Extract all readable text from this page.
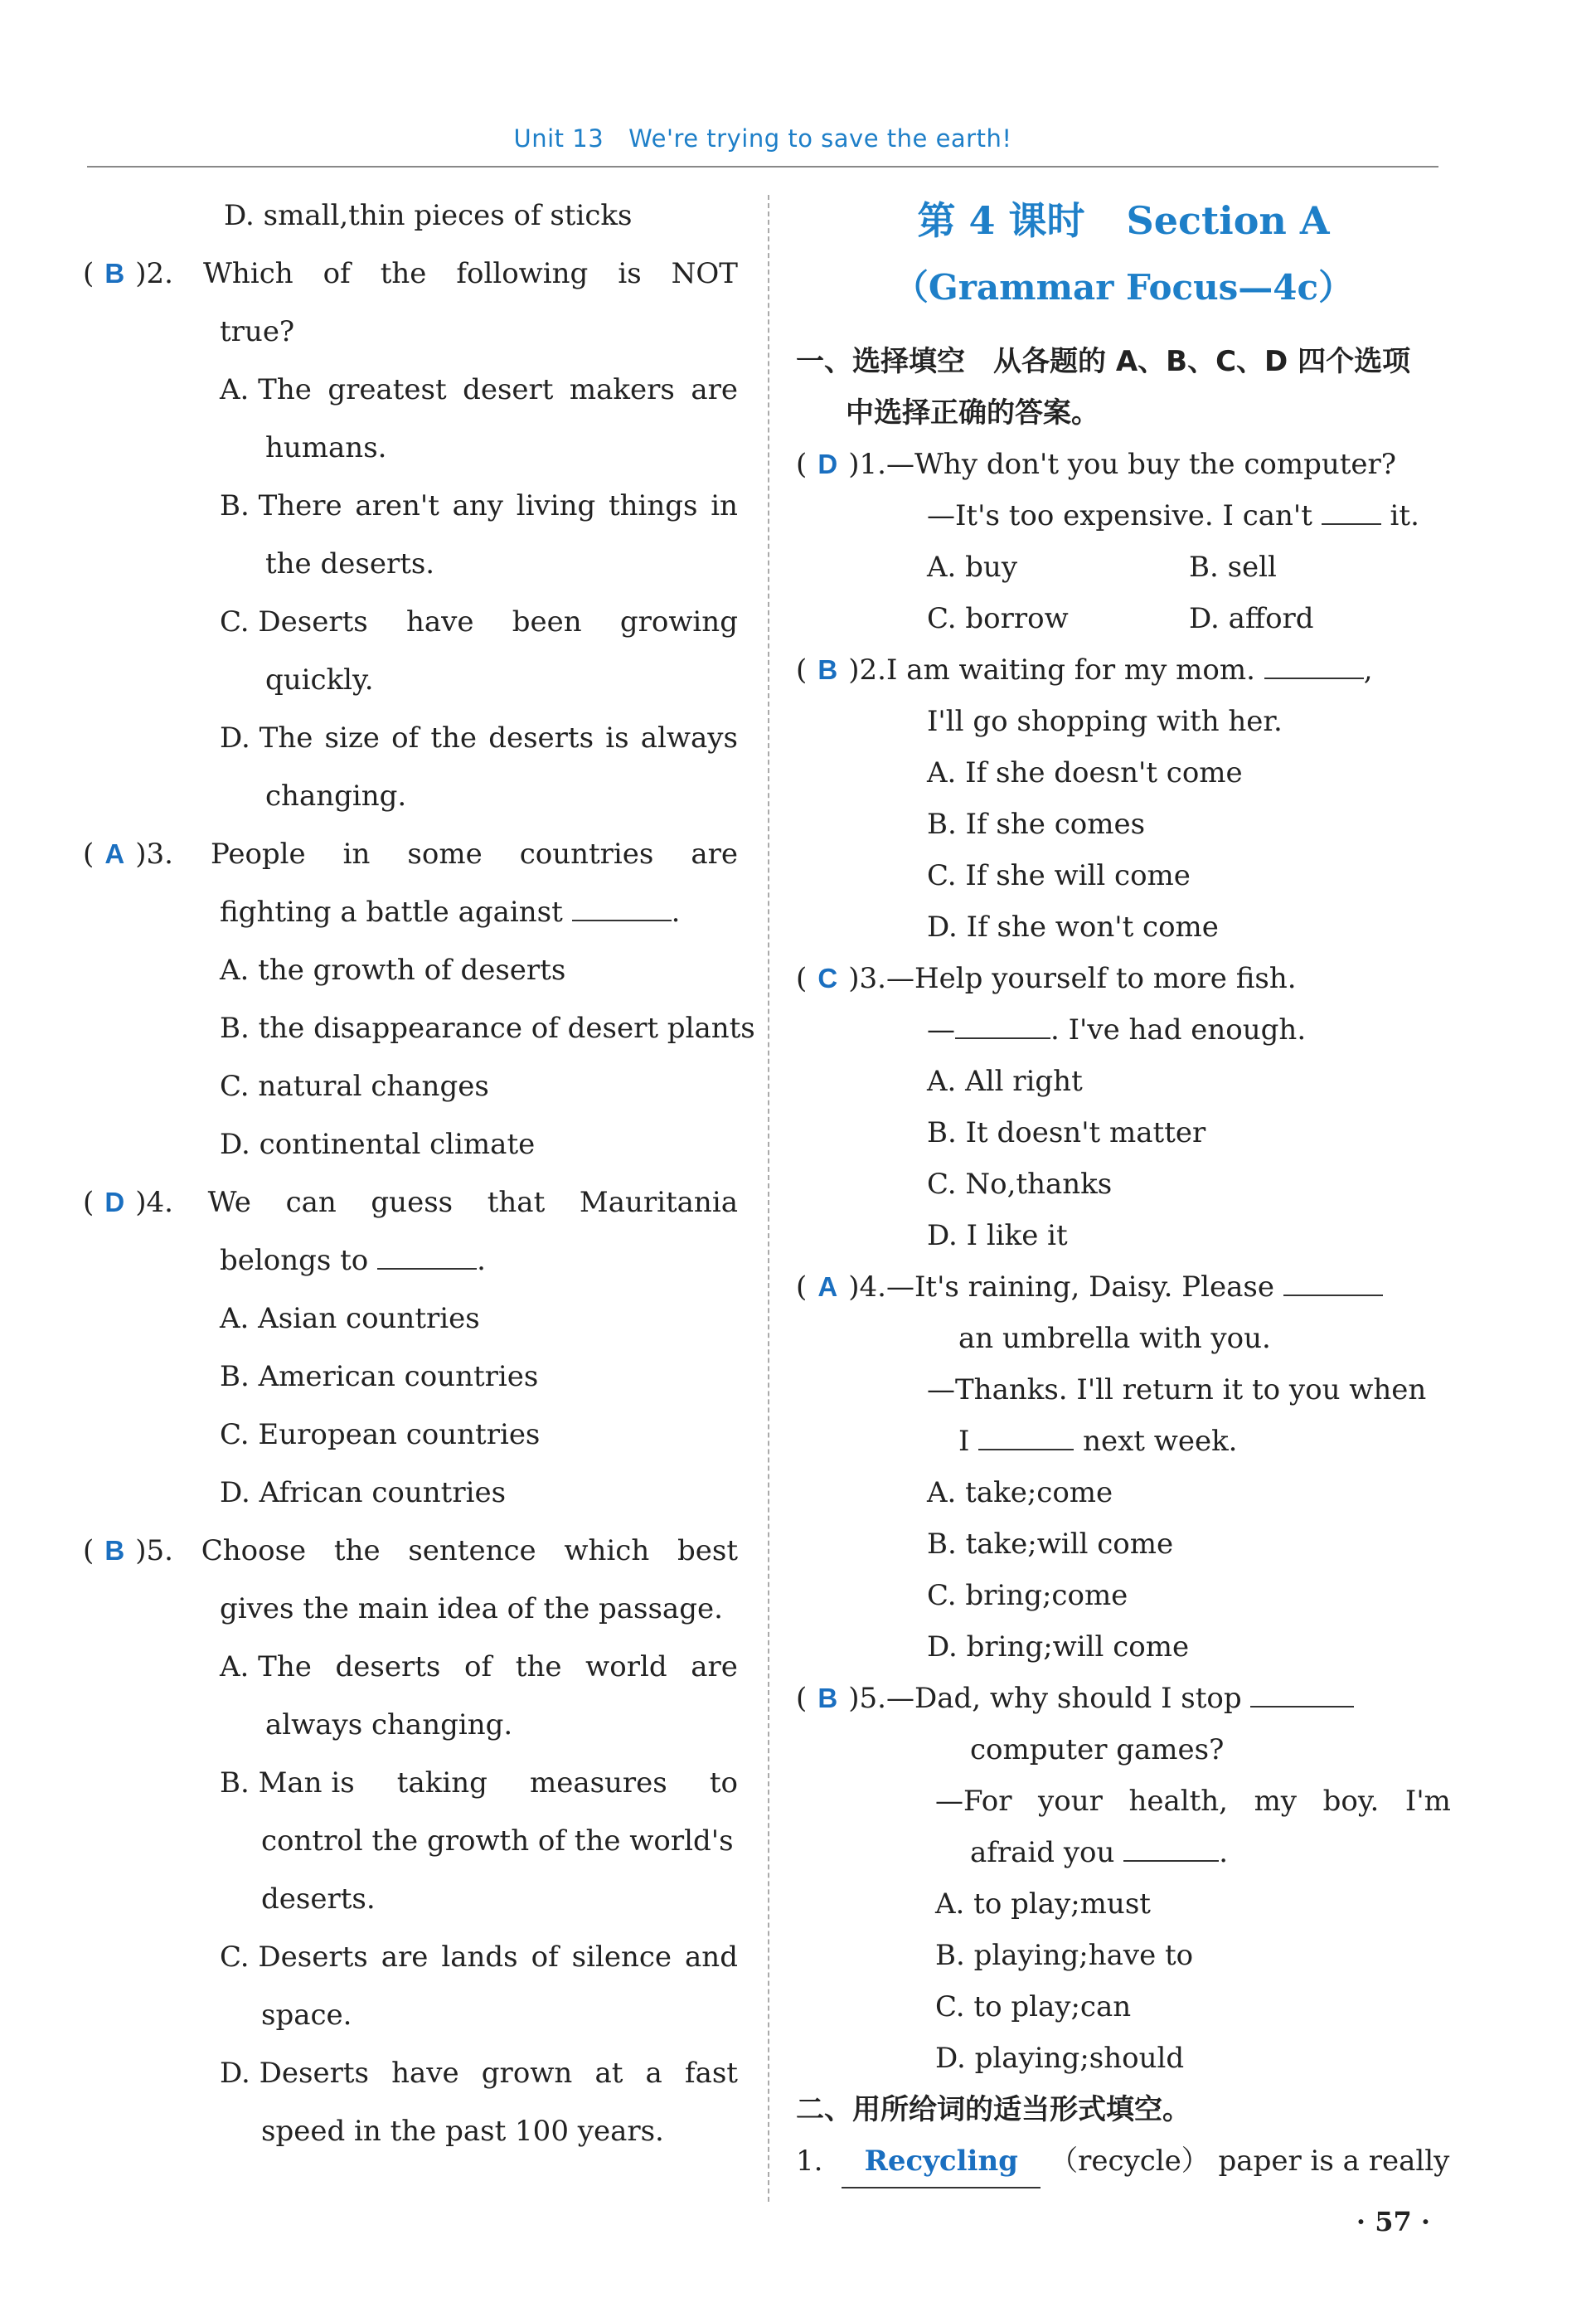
Unit 13 We're trying to save the earth!
D. small,thin pieces of sticks
( B )2. Which of the following is NOT
true?
A. The greatest desert makers are
humans.
B. There aren't any living things in
the deserts.
C. Deserts have been growing
quickly.
D. The size of the deserts is always
changing.
( A )3. People in some countries are
fighting a battle against	.
A. the growth of deserts
B. the disappearance of desert plants
C. natural changes
D. continental climate
( D )4. We can guess that Mauritania
belongs to	.
A. Asian countries
B. American countries
C. European countries
D. African countries
( B )5. Choose the sentence which best
gives the main idea of the passage.
A. The deserts of the world are
always changing.
B. Man is taking measures to
control the growth of the world's
deserts.
C. Deserts are lands of silence and
space.
D. Deserts have grown at a fast
speed in the past 100 years.
第 4 课时 Section A
（Grammar Focus—4c）
一、选择填空　从各题的 A、B、C、D 四个选项
中选择正确的答案。
( D )1.—Why don't you buy the computer?
—It's too expensive. I can't	it.
A. buy	B. sell
C. borrow	D. afford
( B )2.I am waiting for my mom.	,
I'll go shopping with her.
A. If she doesn't come
B. If she comes
C. If she will come
D. If she won't come
( C )3.—Help yourself to more fish.
—	. I've had enough.
A. All right
B. It doesn't matter
C. No,thanks
D. I like it
( A )4.—It's raining, Daisy. Please
an umbrella with you.
—Thanks. I'll return it to you when
I	next week.
A. take;come
B. take;will come
C. bring;come
D. bring;will come
( B )5.—Dad, why should I stop
computer games?
—For your health, my boy. I'm
afraid you	.
A. to play;must
B. playing;have to
C. to play;can
D. playing;should
二、用所给词的适当形式填空。
1. Recycling （recycle） paper is a really
· 57 ·
